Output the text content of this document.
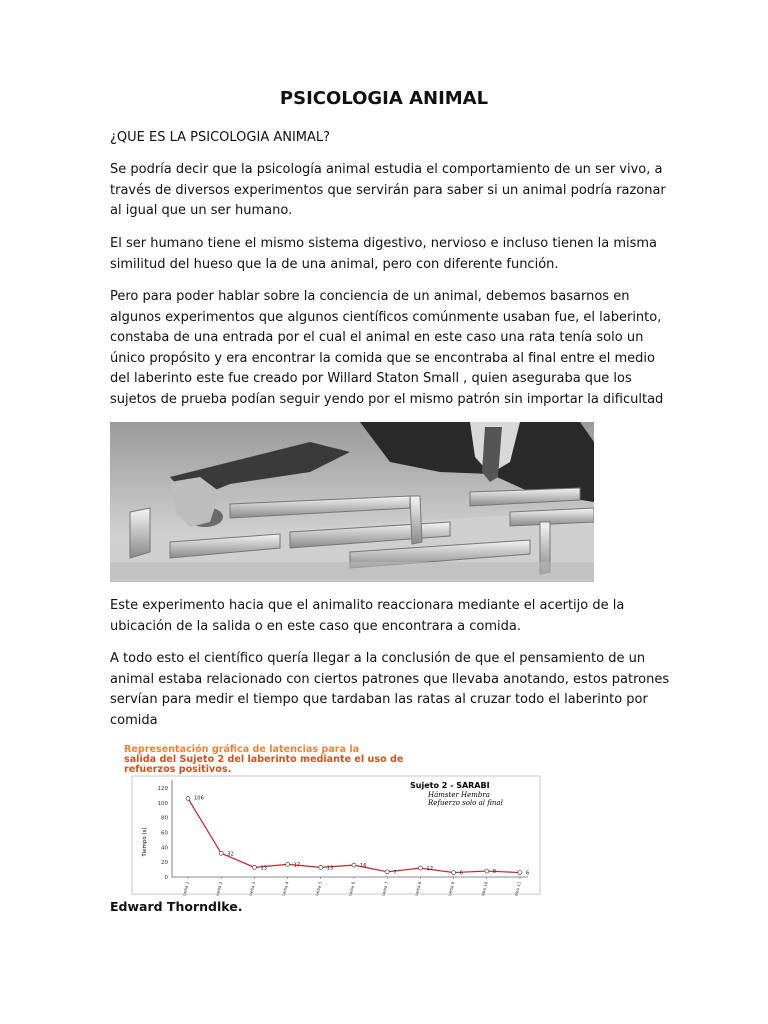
PSICOLOGIA ANIMAL

¿QUE ES LA PSICOLOGIA ANIMAL?

Se podría decir que la psicología animal estudia el comportamiento de un ser vivo, a través de diversos experimentos que servirán para saber si un animal podría razonar al igual que un ser humano.

El ser humano tiene el mismo sistema digestivo, nervioso e incluso tienen la misma similitud del hueso que la de una animal, pero con diferente función.

Pero para poder hablar sobre la conciencia de un animal, debemos basarnos en algunos experimentos que algunos científicos comúnmente usaban fue, el laberinto, constaba de una entrada por el cual el animal en este caso una rata tenía solo un único propósito y era encontrar la comida que se encontraba al final entre el medio del laberinto este fue creado por Willard Staton Small , quien aseguraba que los sujetos de prueba podían seguir yendo por el mismo patrón sin importar la dificultad

Este experimento hacia que el animalito reaccionara mediante el acertijo de la ubicación de la salida o en este caso que encontrara a comida.

A todo esto el científico quería llegar a la conclusión de que el pensamiento de un animal estaba relacionado con ciertos patrones que llevaba anotando, estos patrones servían para medir el tiempo que tardaban las ratas al cruzar todo el laberinto por comida

Representación gráfica de latencias para la salida del Sujeto 2 del laberinto mediante el uso de refuerzos positivos.
Sujeto 2 - SARABI
Hámster Hembra
Refuerzo solo al final
Tiempo (s)
0
20
40
60
80
100
120
Prueba 1	Prueba 2	Prueba 3	Prueba 4	Prueba 5	Prueba 6	Prueba 7	Prueba 8	Prueba 9	Prueba 10	Prueba 11
106
32
13	17	13	16
7
12
6	8	6
Edward Thorndlke.
